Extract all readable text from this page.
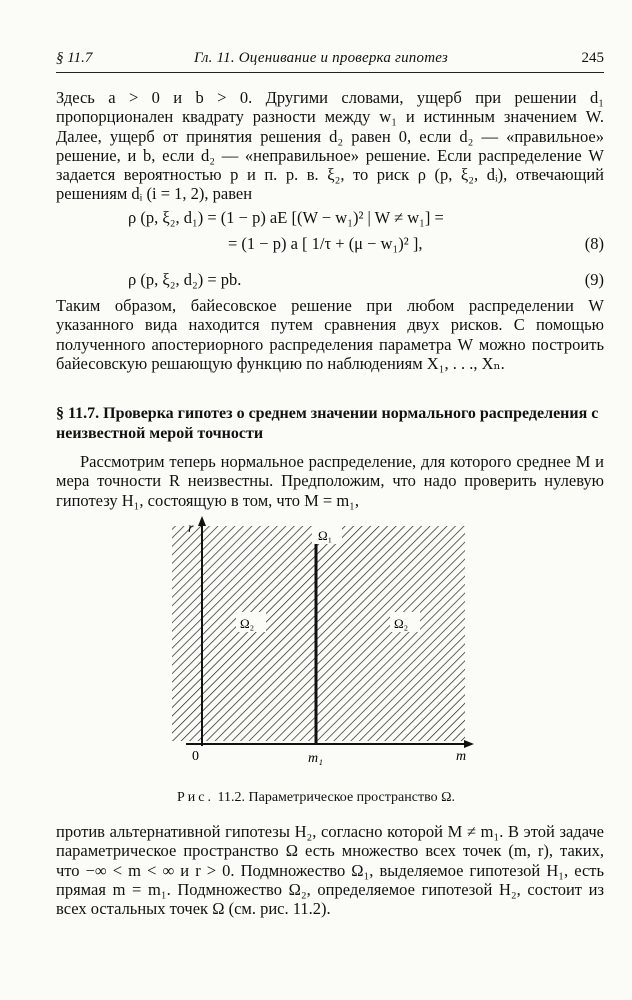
§ 11.7	Гл. 11. Оценивание и проверка гипотез	245

Здесь a > 0 и b > 0. Другими словами, ущерб при решении d₁ пропорционален квадрату разности между w₁ и истинным значением W. Далее, ущерб от принятия решения d₂ равен 0, если d₂ — «правильное» решение, и b, если d₂ — «неправильное» решение. Если распределение W задается вероятностью p и п. р. в. ξ₂, то риск ρ (p, ξ₂, dᵢ), отвечающий решениям dᵢ (i = 1, 2), равен

ρ (p, ξ₂, d₁) = (1 − p) aE [(W − w₁)² | W ≠ w₁] =
= (1 − p) a [ 1/τ + (μ − w₁)² ],	(8)
ρ (p, ξ₂, d₂) = pb.	(9)

Таким образом, байесовское решение при любом распределении W указанного вида находится путем сравнения двух рисков. С помощью полученного апостериорного распределения параметра W можно построить байесовскую решающую функцию по наблюдениям X₁, . . ., Xₙ.

§ 11.7. Проверка гипотез о среднем значении нормального распределения с неизвестной мерой точности

Рассмотрим теперь нормальное распределение, для которого среднее M и мера точности R неизвестны. Предположим, что надо проверить нулевую гипотезу H₁, состоящую в том, что M = m₁,

r	Ω₁
Ω₂	Ω₂
0	m₁	m
Рис. 11.2. Параметрическое пространство Ω.

против альтернативной гипотезы H₂, согласно которой M ≠ m₁. В этой задаче параметрическое пространство Ω есть множество всех точек (m, r), таких, что −∞ < m < ∞ и r > 0. Подмножество Ω₁, выделяемое гипотезой H₁, есть прямая m = m₁. Подмножество Ω₂, определяемое гипотезой H₂, состоит из всех остальных точек Ω (см. рис. 11.2).
